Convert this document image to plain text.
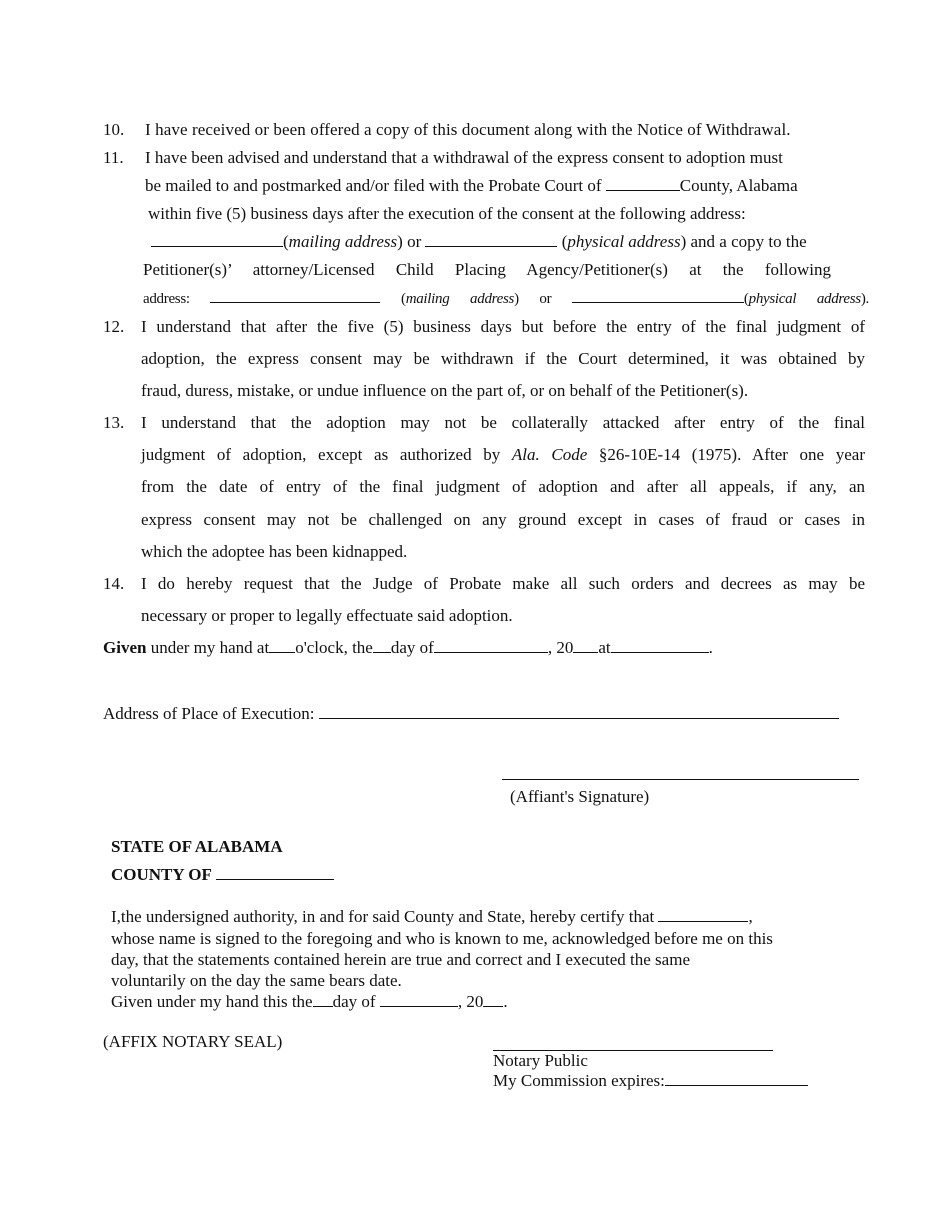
10. I have received or been offered a copy of this document along with the Notice of Withdrawal.
11. I have been advised and understand that a withdrawal of the express consent to adoption must
be mailed to and postmarked and/or filed with the Probate Court of	County, Alabama
within five (5) business days after the execution of the consent at the following address:
(mailing address) or	(physical address) and a copy to the
Petitioner(s)’ attorney/Licensed Child Placing Agency/Petitioner(s) at the following
address:	(mailing address) or	(physical address).
12. I understand that after the five (5) business days but before the entry of the final judgment of
adoption, the express consent may be withdrawn if the Court determined, it was obtained by
fraud, duress, mistake, or undue influence on the part of, or on behalf of the Petitioner(s).
13. I understand that the adoption may not be collaterally attacked after entry of the final
judgment of adoption, except as authorized by Ala. Code §26-10E-14 (1975). After one year
from the date of entry of the final judgment of adoption and after all appeals, if any, an
express consent may not be challenged on any ground except in cases of fraud or cases in
which the adoptee has been kidnapped.
14. I do hereby request that the Judge of Probate make all such orders and decrees as may be
necessary or proper to legally effectuate said adoption.
Given under my hand at o'clock, the day of	, 20 at	.
Address of Place of Execution:
(Affiant's Signature)
STATE OF ALABAMA
COUNTY OF
I,the undersigned authority, in and for said County and State, hereby certify that	,
whose name is signed to the foregoing and who is known to me, acknowledged before me on this
day, that the statements contained herein are true and correct and I executed the same
voluntarily on the day the same bears date.
Given under my hand this the day of	, 20 .
(AFFIX NOTARY SEAL)
Notary Public
My Commission expires:
